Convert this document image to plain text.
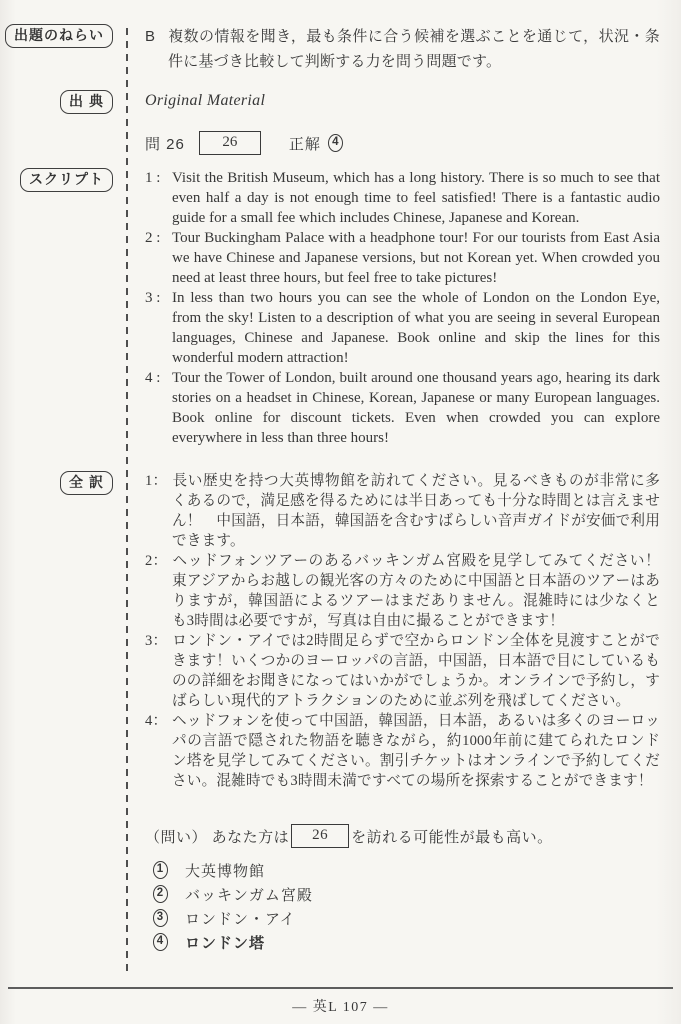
出題のねらい	B 複数の情報を聞き，最も条件に合う候補を選ぶことを通じて，状況・条件に基づき比較して判断する力を問う問題です。

出典 Original Material

問 26	26	正解 4
スクリプト	1 : Visit the British Museum, which has a long history. There is so much to see that even half a day is not enough time to feel satisfied! There is a fantastic audio guide for a small fee which includes Chinese, Japanese and Korean.

2 : Tour Buckingham Palace with a headphone tour! For our tourists from East Asia we have Chinese and Japanese versions, but not Korean yet. When crowded you need at least three hours, but feel free to take pictures!

3 : In less than two hours you can see the whole of London on the London Eye, from the sky! Listen to a description of what you are seeing in several European languages, Chinese and Japanese. Book online and skip the lines for this wonderful modern attraction!

4 : Tour the Tower of London, built around one thousand years ago, hearing its dark stories on a headset in Chinese, Korean, Japanese or many European languages. Book online for discount tickets. Even when crowded you can explore everywhere in less than three hours!

全訳 1： 長い歴史を持つ大英博物館を訪れてください。見るべきものが非常に多くあるので，満足感を得るためには半日あっても十分な時間とは言えません！　中国語，日本語，韓国語を含むすばらしい音声ガイドが安価で利用できます。

2： ヘッドフォンツアーのあるバッキンガム宮殿を見学してみてください！　東アジアからお越しの観光客の方々のために中国語と日本語のツアーはありますが，韓国語によるツアーはまだありません。混雑時には少なくとも3時間は必要ですが，写真は自由に撮ることができます！

3： ロンドン・アイでは2時間足らずで空からロンドン全体を見渡すことができます！いくつかのヨーロッパの言語，中国語，日本語で目にしているものの詳細をお聞きになってはいかがでしょうか。オンラインで予約し，すばらしい現代的アトラクションのために並ぶ列を飛ばしてください。

4： ヘッドフォンを使って中国語，韓国語，日本語，あるいは多くのヨーロッパの言語で隠された物語を聴きながら，約1000年前に建てられたロンドン塔を見学してみてください。割引チケットはオンラインで予約してください。混雑時でも3時間未満ですべての場所を探索することができます！

（問い） あなた方は	26	を訪れる可能性が最も高い。
1 大英博物館
2 バッキンガム宮殿
3 ロンドン・アイ
4 ロンドン塔
— 英L 107 —
